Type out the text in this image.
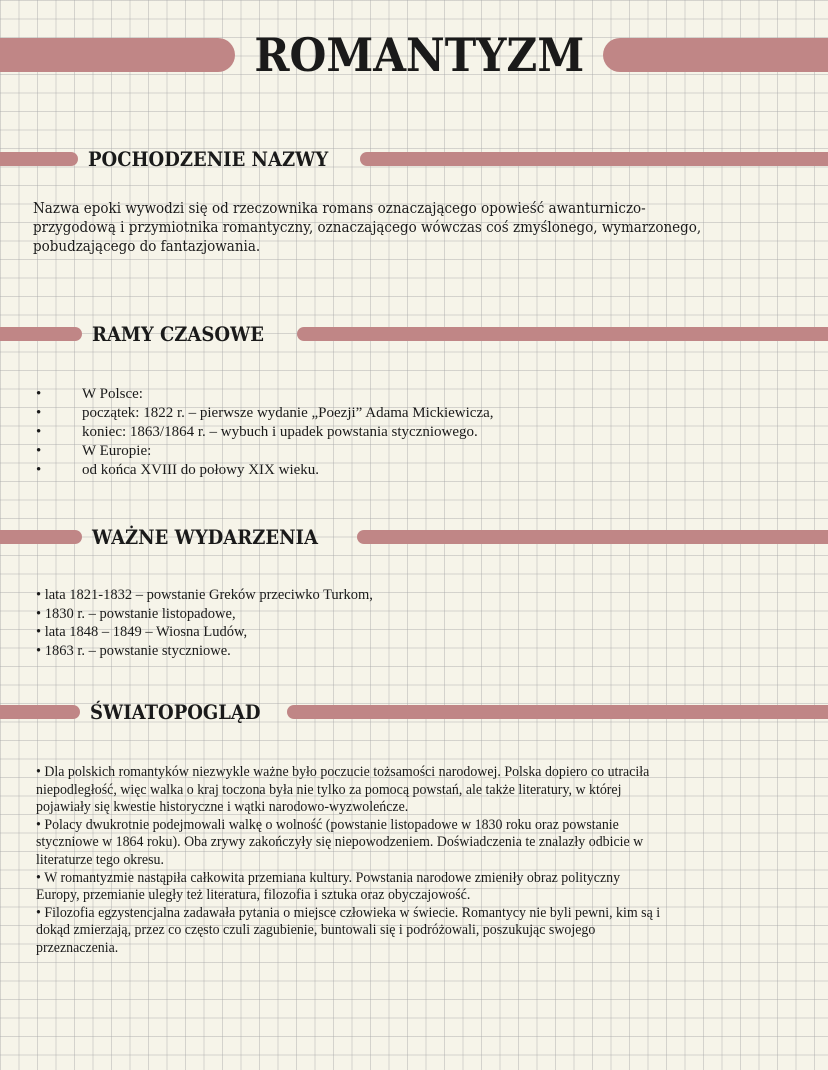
ROMANTYZM
POCHODZENIE NAZWY
Nazwa epoki wywodzi się od rzeczownika romans oznaczającego opowieść awanturniczo-
przygodową i przymiotnika romantyczny, oznaczającego wówczas coś zmyślonego, wymarzonego,
pobudzającego do fantazjowania.
RAMY CZASOWE
•	W Polsce:
•	początek: 1822 r. – pierwsze wydanie „Poezji” Adama Mickiewicza,
•	koniec: 1863/1864 r. – wybuch i upadek powstania styczniowego.
•	W Europie:
•	od końca XVIII do połowy XIX wieku.
WAŻNE WYDARZENIA
• lata 1821-1832 – powstanie Greków przeciwko Turkom,
• 1830 r. – powstanie listopadowe,
• lata 1848 – 1849 – Wiosna Ludów,
• 1863 r. – powstanie styczniowe.
ŚWIATOPOGLĄD
• Dla polskich romantyków niezwykle ważne było poczucie tożsamości narodowej. Polska dopiero co utraciła
niepodległość, więc walka o kraj toczona była nie tylko za pomocą powstań, ale także literatury, w której
pojawiały się kwestie historyczne i wątki narodowo-wyzwoleńcze.
• Polacy dwukrotnie podejmowali walkę o wolność (powstanie listopadowe w 1830 roku oraz powstanie
styczniowe w 1864 roku). Oba zrywy zakończyły się niepowodzeniem. Doświadczenia te znalazły odbicie w
literaturze tego okresu.
• W romantyzmie nastąpiła całkowita przemiana kultury. Powstania narodowe zmieniły obraz polityczny
Europy, przemianie uległy też literatura, filozofia i sztuka oraz obyczajowość.
• Filozofia egzystencjalna zadawała pytania o miejsce człowieka w świecie. Romantycy nie byli pewni, kim są i
dokąd zmierzają, przez co często czuli zagubienie, buntowali się i podróżowali, poszukując swojego
przeznaczenia.
